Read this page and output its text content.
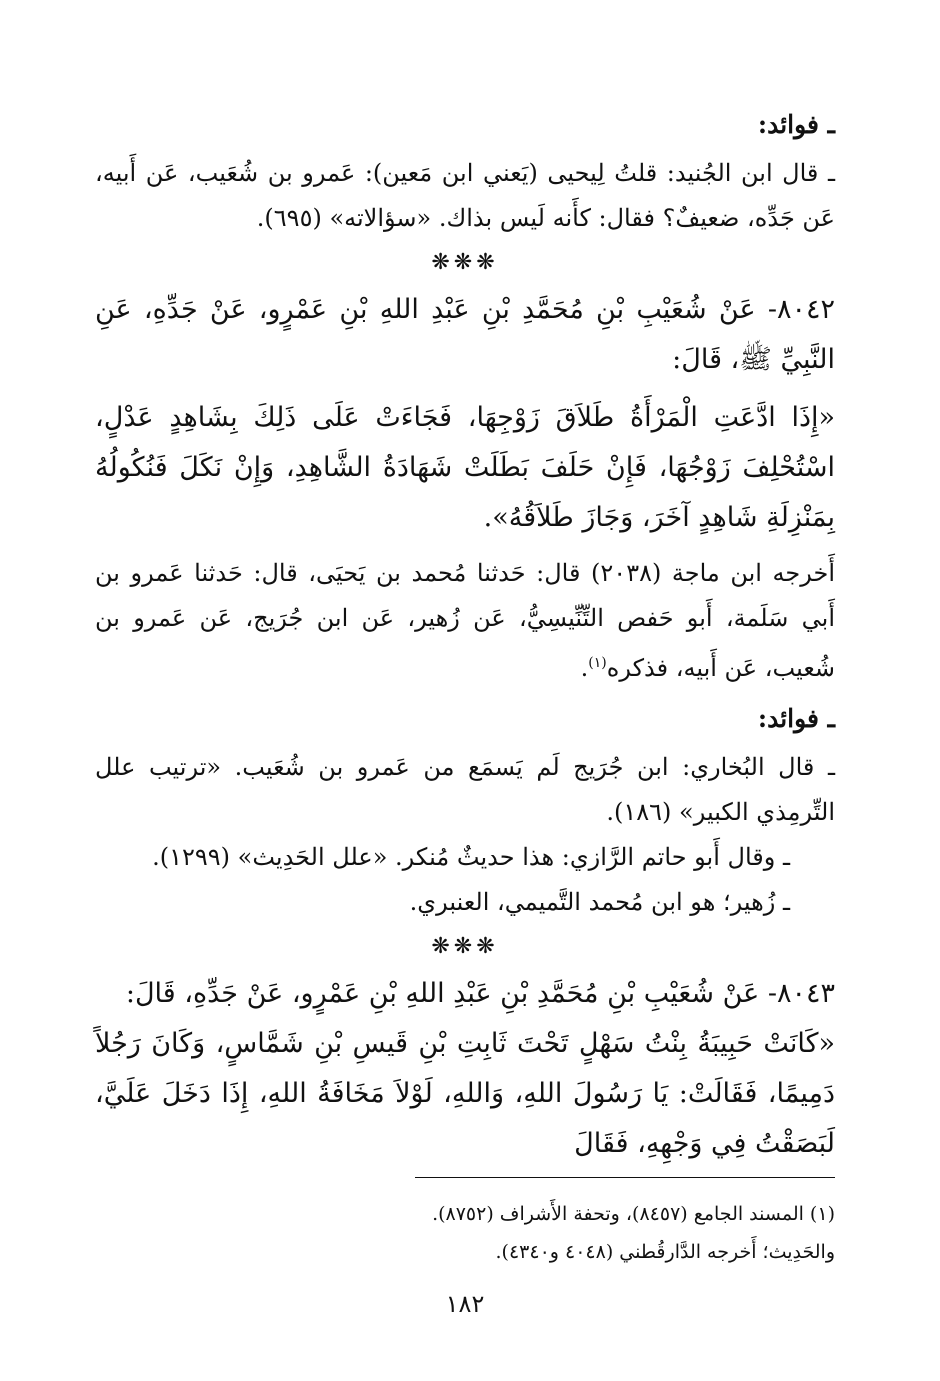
ـ فوائد:

ـ قال ابن الجُنيد: قلتُ لِيحيى (يَعني ابن مَعين): عَمرو بن شُعَيب، عَن أَبيه، عَن جَدِّه، ضعيفٌ؟ فقال: كأَنه لَيس بذاك. «سؤالاته» (٦٩٥).

❋❋❋

٨٠٤٢- عَنْ شُعَيْبِ بْنِ مُحَمَّدِ بْنِ عَبْدِ اللهِ بْنِ عَمْرٍو، عَنْ جَدِّهِ، عَنِ النَّبِيِّ ﷺ، قَالَ:

«إِذَا ادَّعَتِ الْمَرْأَةُ طَلاَقَ زَوْجِهَا، فَجَاءَتْ عَلَى ذَلِكَ بِشَاهِدٍ عَدْلٍ، اسْتُحْلِفَ زَوْجُهَا، فَإِنْ حَلَفَ بَطَلَتْ شَهَادَةُ الشَّاهِدِ، وَإِنْ نَكَلَ فَنُكُولُهُ بِمَنْزِلَةِ شَاهِدٍ آخَرَ، وَجَازَ طَلاَقُهُ».

أَخرجه ابن ماجة (٢٠٣٨) قال: حَدثنا مُحمد بن يَحيَى، قال: حَدثنا عَمرو بن أَبي سَلَمة، أَبو حَفص التِّنِّيسِيُّ، عَن زُهير، عَن ابن جُرَيج، عَن عَمرو بن شُعيب، عَن أَبيه، فذكره$^{(١)}$.

ـ فوائد:

ـ قال البُخاري: ابن جُرَيج لَم يَسمَع من عَمرو بن شُعَيب. «ترتيب علل التِّرمِذي الكبير» (١٨٦).

ـ وقال أَبو حاتم الرَّازي: هذا حديثٌ مُنكر. «علل الحَدِيث» (١٢٩٩).

ـ زُهير؛ هو ابن مُحمد التَّميمي، العنبري.

❋❋❋

٨٠٤٣- عَنْ شُعَيْبِ بْنِ مُحَمَّدِ بْنِ عَبْدِ اللهِ بْنِ عَمْرٍو، عَنْ جَدِّهِ، قَالَ:

«كَانَتْ حَبِيبَةُ بِنْتُ سَهْلٍ تَحْتَ ثَابِتِ بْنِ قَيسِ بْنِ شَمَّاسٍ، وَكَانَ رَجُلاً دَمِيمًا، فَقَالَتْ: يَا رَسُولَ اللهِ، وَاللهِ، لَوْلاَ مَخَافَةُ اللهِ، إِذَا دَخَلَ عَلَيَّ، لَبَصَقْتُ فِي وَجْهِهِ، فَقَالَ

(١) المسند الجامع (٨٤٥٧)، وتحفة الأَشراف (٨٧٥٢).
والحَدِيث؛ أَخرجه الدَّارقُطني (٤٠٤٨ و٤٣٤٠).
١٨٢
